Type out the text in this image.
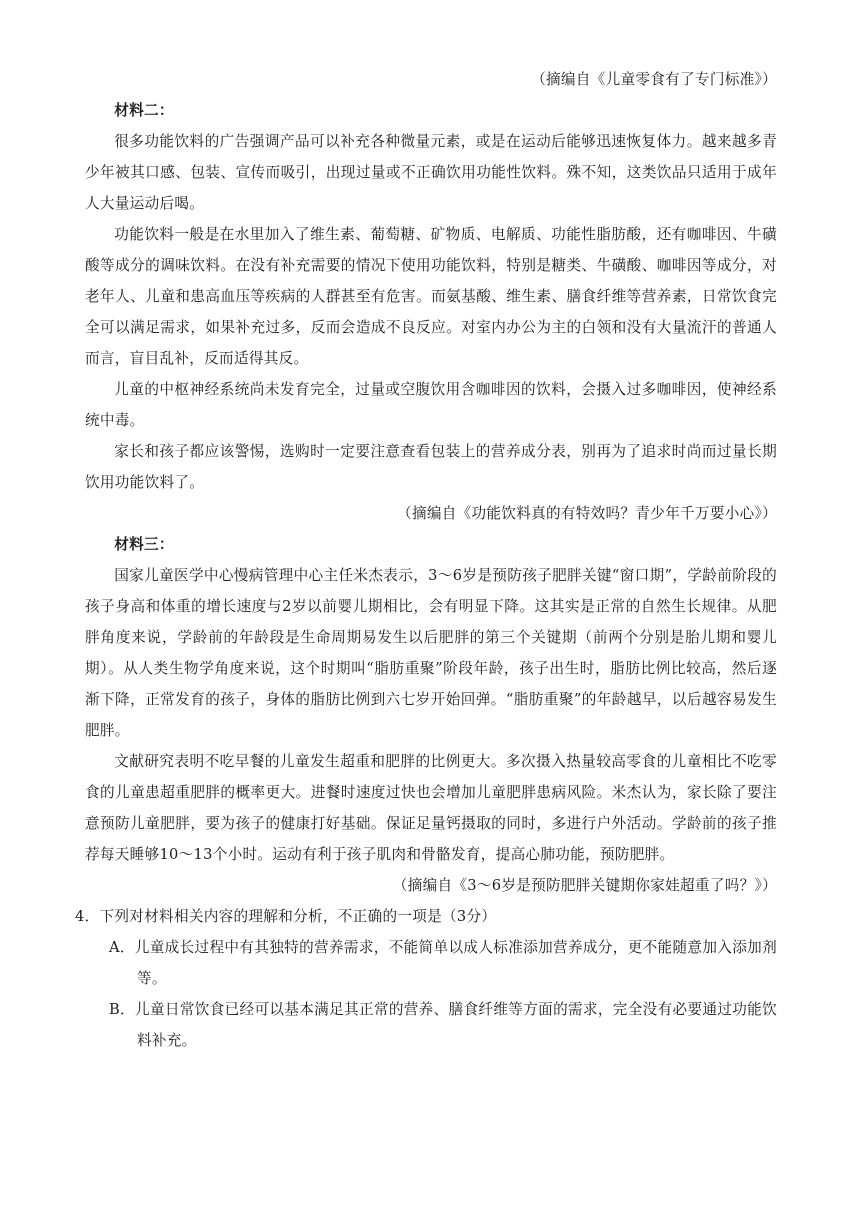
（摘编自《儿童零食有了专门标准》）

材料二：

很多功能饮料的广告强调产品可以补充各种微量元素，或是在运动后能够迅速恢复体力。越来越多青少年被其口感、包装、宣传而吸引，出现过量或不正确饮用功能性饮料。殊不知，这类饮品只适用于成年人大量运动后喝。

功能饮料一般是在水里加入了维生素、葡萄糖、矿物质、电解质、功能性脂肪酸，还有咖啡因、牛磺酸等成分的调味饮料。在没有补充需要的情况下使用功能饮料，特别是糖类、牛磺酸、咖啡因等成分，对老年人、儿童和患高血压等疾病的人群甚至有危害。而氨基酸、维生素、膳食纤维等营养素，日常饮食完全可以满足需求，如果补充过多，反而会造成不良反应。对室内办公为主的白领和没有大量流汗的普通人而言，盲目乱补，反而适得其反。

儿童的中枢神经系统尚未发育完全，过量或空腹饮用含咖啡因的饮料，会摄入过多咖啡因，使神经系统中毒。

家长和孩子都应该警惕，选购时一定要注意查看包装上的营养成分表，别再为了追求时尚而过量长期饮用功能饮料了。

（摘编自《功能饮料真的有特效吗？青少年千万要小心》）

材料三：

国家儿童医学中心慢病管理中心主任米杰表示，3～6岁是预防孩子肥胖关键“窗口期”，学龄前阶段的孩子身高和体重的增长速度与2岁以前婴儿期相比，会有明显下降。这其实是正常的自然生长规律。从肥胖角度来说，学龄前的年龄段是生命周期易发生以后肥胖的第三个关键期（前两个分别是胎儿期和婴儿期）。从人类生物学角度来说，这个时期叫“脂肪重聚”阶段年龄，孩子出生时，脂肪比例比较高，然后逐渐下降，正常发育的孩子，身体的脂肪比例到六七岁开始回弹。“脂肪重聚”的年龄越早，以后越容易发生肥胖。

文献研究表明不吃早餐的儿童发生超重和肥胖的比例更大。多次摄入热量较高零食的儿童相比不吃零食的儿童患超重肥胖的概率更大。进餐时速度过快也会增加儿童肥胖患病风险。米杰认为，家长除了要注意预防儿童肥胖，要为孩子的健康打好基础。保证足量钙摄取的同时，多进行户外活动。学龄前的孩子推荐每天睡够10～13个小时。运动有利于孩子肌肉和骨骼发育，提高心肺功能，预防肥胖。

（摘编自《3～6岁是预防肥胖关键期你家娃超重了吗？》）

4．下列对材料相关内容的理解和分析，不正确的一项是（3分）

A．儿童成长过程中有其独特的营养需求，不能简单以成人标准添加营养成分，更不能随意加入添加剂等。

B．儿童日常饮食已经可以基本满足其正常的营养、膳食纤维等方面的需求，完全没有必要通过功能饮料补充。
